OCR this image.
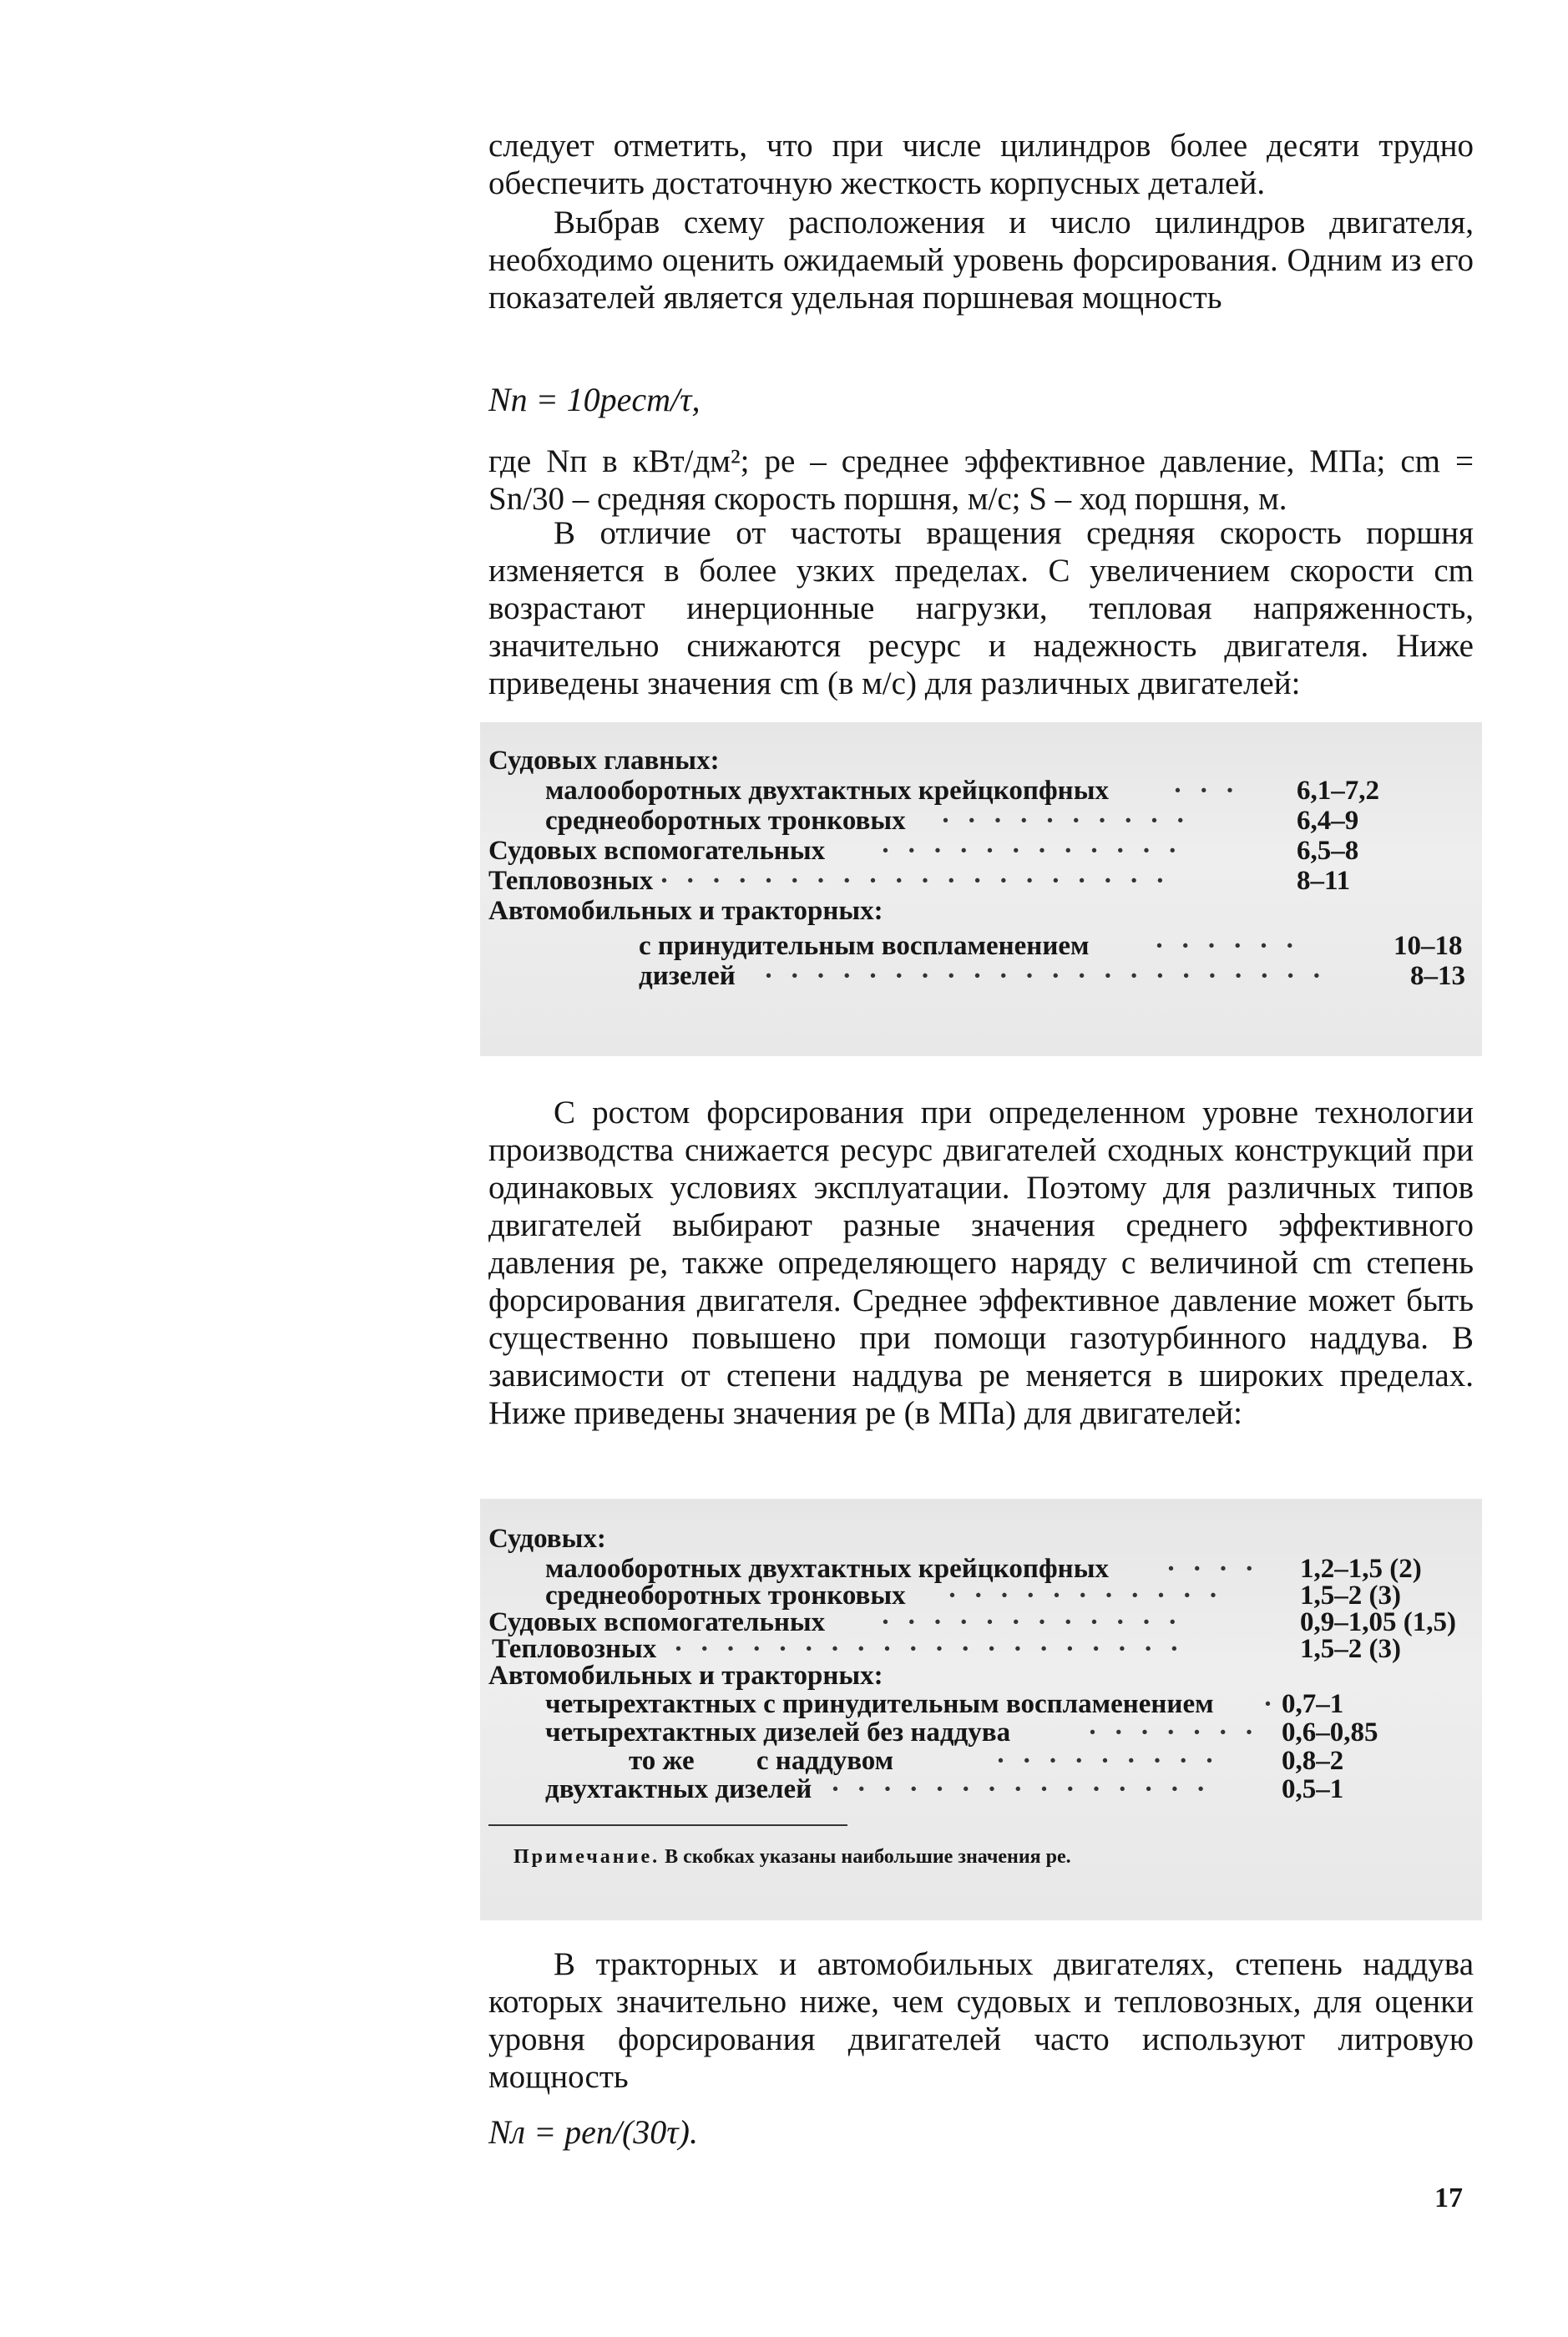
следует отметить, что при числе цилиндров более десяти трудно обеспечить достаточную жесткость корпусных деталей.

Выбрав схему расположения и число цилиндров двигателя, необходимо оценить ожидаемый уровень форсирования. Одним из его показателей является удельная поршневая мощность

Nп = 10pecm/τ,

где Nп в кВт/дм²; pe – среднее эффективное давление, МПа; cm = Sn/30 – средняя скорость поршня, м/с; S – ход поршня, м.

В отличие от частоты вращения средняя скорость поршня изменяется в более узких пределах. С увеличением скорости cm возрастают инерционные нагрузки, тепловая напряженность, значительно снижаются ресурс и надежность двигателя. Ниже приведены значения cm (в м/с) для различных двигателей:

Судовых главных:
малооборотных двухтактных крейцкопфных · · · 6,1–7,2
среднеоборотных тронковых · · · · · · · · · ·	6,4–9
Судовых вспомогательных · · · · · · · · · · · ·	6,5–8
Тепловозных · · · · · · · · · · · · · · · · · · · ·	8–11
Автомобильных и тракторных:
с принудительным воспламенением · · · · · ·	10–18
дизелей · · · · · · · · · · · · · · · · · · · · · ·	8–13

С ростом форсирования при определенном уровне технологии производства снижается ресурс двигателей сходных конструкций при одинаковых условиях эксплуатации. Поэтому для различных типов двигателей выбирают разные значения среднего эффективного давления pe, также определяющего наряду с величиной cm степень форсирования двигателя. Среднее эффективное давление может быть существенно повышено при помощи газотурбинного наддува. В зависимости от степени наддува pe меняется в широких пределах. Ниже приведены значения pe (в МПа) для двигателей:

Судовых:
малооборотных двухтактных крейцкопфных · · · · 1,2–1,5 (2)
среднеоборотных тронковых · · · · · · · · · · ·	1,5–2 (3)
Судовых вспомогательных · · · · · · · · · · · ·	0,9–1,05 (1,5)
Тепловозных · · · · · · · · · · · · · · · · · · · ·	1,5–2 (3)
Автомобильных и тракторных:
четырехтактных с принудительным воспламенением · 0,7–1
четырехтактных дизелей без наддува	· · · · · · · 0,6–0,85
то же         с наддувом	· · · · · · · · · 0,8–2
двухтактных дизелей · · · · · · · · · · · · · · ·	0,5–1
Примечание. В скобках указаны наибольшие значения pe.

В тракторных и автомобильных двигателях, степень наддува которых значительно ниже, чем судовых и тепловозных, для оценки уровня форсирования двигателей часто используют литровую мощность

Nл = pen/(30τ).
17
